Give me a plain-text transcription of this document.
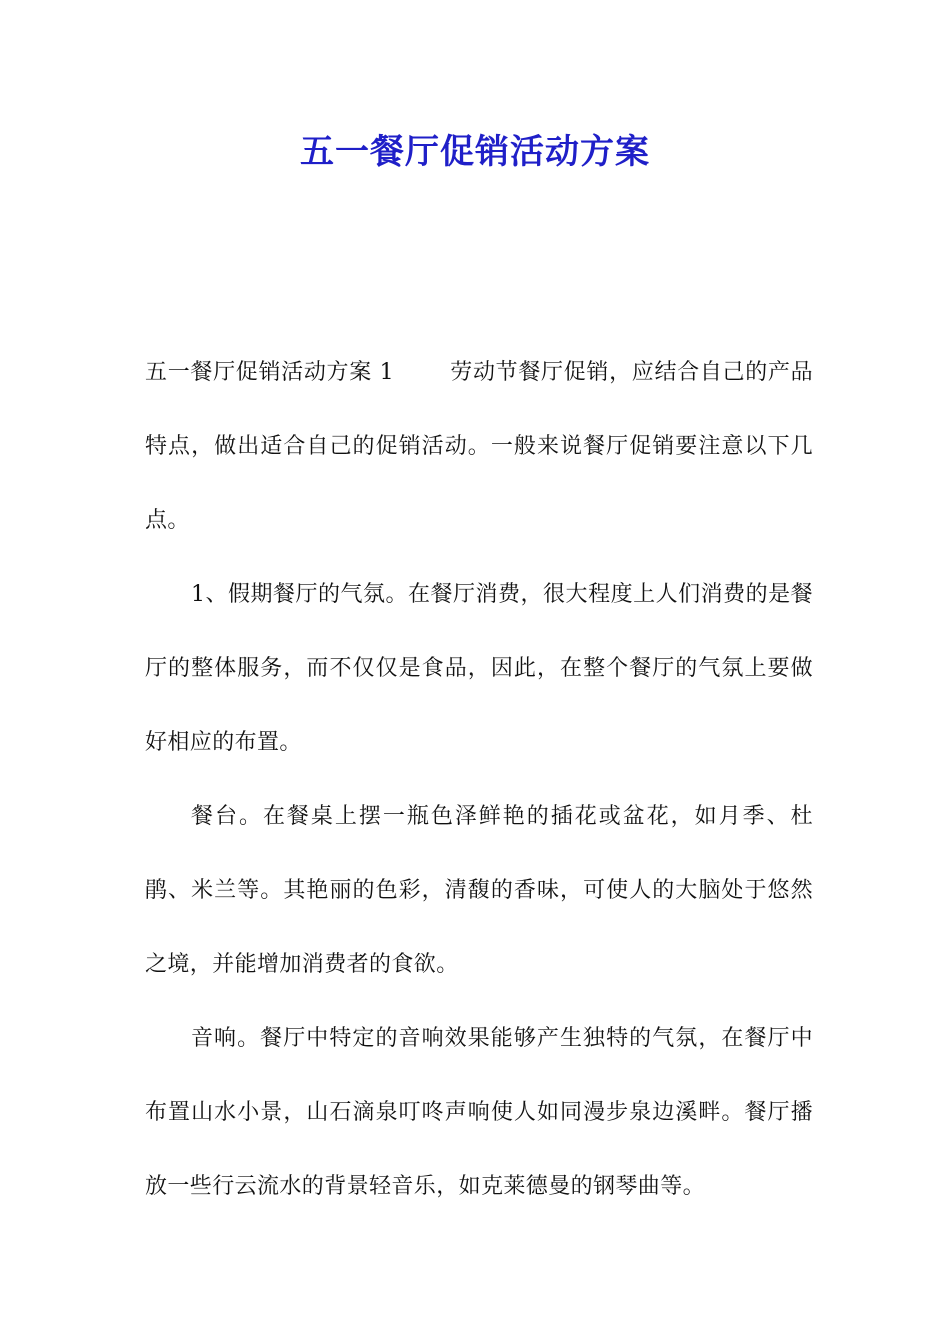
五一餐厅促销活动方案

五一餐厅促销活动方案 1	劳动节餐厅促销，应结合自己的产品特点，做出适合自己的促销活动。一般来说餐厅促销要注意以下几点。

1、假期餐厅的气氛。在餐厅消费，很大程度上人们消费的是餐厅的整体服务，而不仅仅是食品，因此，在整个餐厅的气氛上要做好相应的布置。

餐台。在餐桌上摆一瓶色泽鲜艳的插花或盆花，如月季、杜鹃、米兰等。其艳丽的色彩，清馥的香味，可使人的大脑处于悠然之境，并能增加消费者的食欲。

音响。餐厅中特定的音响效果能够产生独特的气氛，在餐厅中布置山水小景，山石滴泉叮咚声响使人如同漫步泉边溪畔。餐厅播放一些行云流水的背景轻音乐，如克莱德曼的钢琴曲等。
